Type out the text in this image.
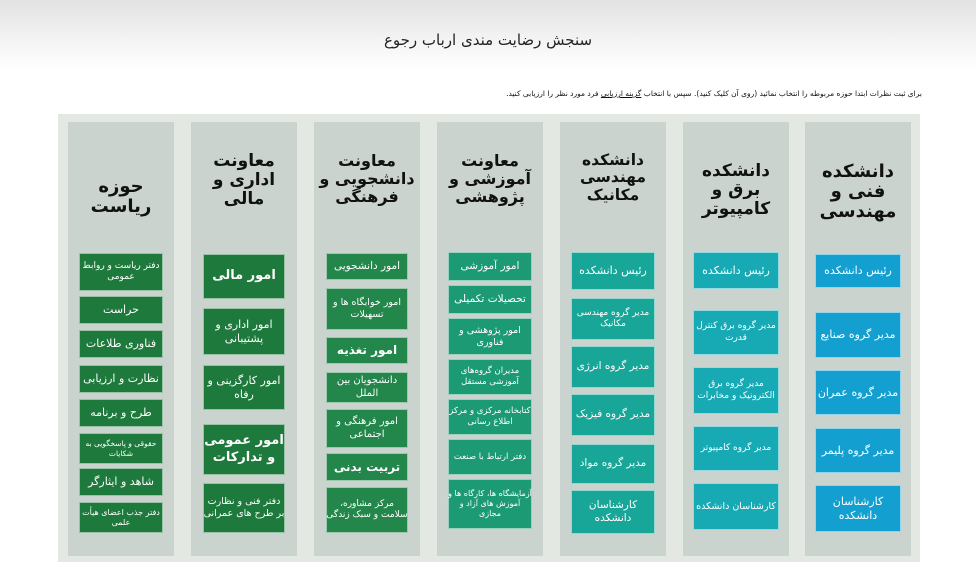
سنجش رضایت مندی ارباب رجوع
برای ثبت نظرات ابتدا حوزه مربوطه را انتخاب نمائید (روی آن کلیک کنید). سپس با انتخاب گزینه ارزیابی فرد مورد نظر را ارزیابی کنید.
دانشکده فنی و مهندسی
رئیس دانشکده
مدیر گروه صنایع
مدیر گروه عمران
مدیر گروه پلیمر
کارشناسان دانشکده
دانشکده برق و کامپیوتر
رئیس دانشکده
مدیر گروه برق کنترل قدرت
مدیر گروه برق الکترونیک و مخابرات
مدیر گروه کامپیوتر
کارشناسان دانشکده
دانشکده مهندسی مکانیک
رئیس دانشکده
مدیر گروه مهندسی مکانیک
مدیر گروه انرژی
مدیر گروه فیزیک
مدیر گروه مواد
کارشناسان دانشکده
معاونت آموزشی و پژوهشی
امور آموزشی
تحصیلات تکمیلی
امور پژوهشی و فناوری
مدیران گروه‌های آموزشی مستقل
کتابخانه مرکزی و مرکز اطلاع رسانی
دفتر ارتباط با صنعت
آزمایشگاه ها، کارگاه ها و آموزش های آزاد و مجازی
معاونت دانشجویی و فرهنگی
امور دانشجویی
امور خوابگاه ها و تسهیلات
امور تغذیه
دانشجویان بین الملل
امور فرهنگی و اجتماعی
تربیت بدنی
مرکز مشاوره، سلامت و سبک زندگی
معاونت اداری و مالی
امور مالی
امور اداری و پشتیبانی
امور کارگزینی و رفاه
امور عمومی و تدارکات
دفتر فنی و نظارت بر طرح های عمرانی
حوزه ریاست
دفتر ریاست و روابط عمومی
حراست
فناوری طلاعات
نظارت و ارزیابی
طرح و برنامه
حقوقی و پاسخگویی به شکایات
شاهد و ایثارگر
دفتر جذب اعضای هیأت علمی
